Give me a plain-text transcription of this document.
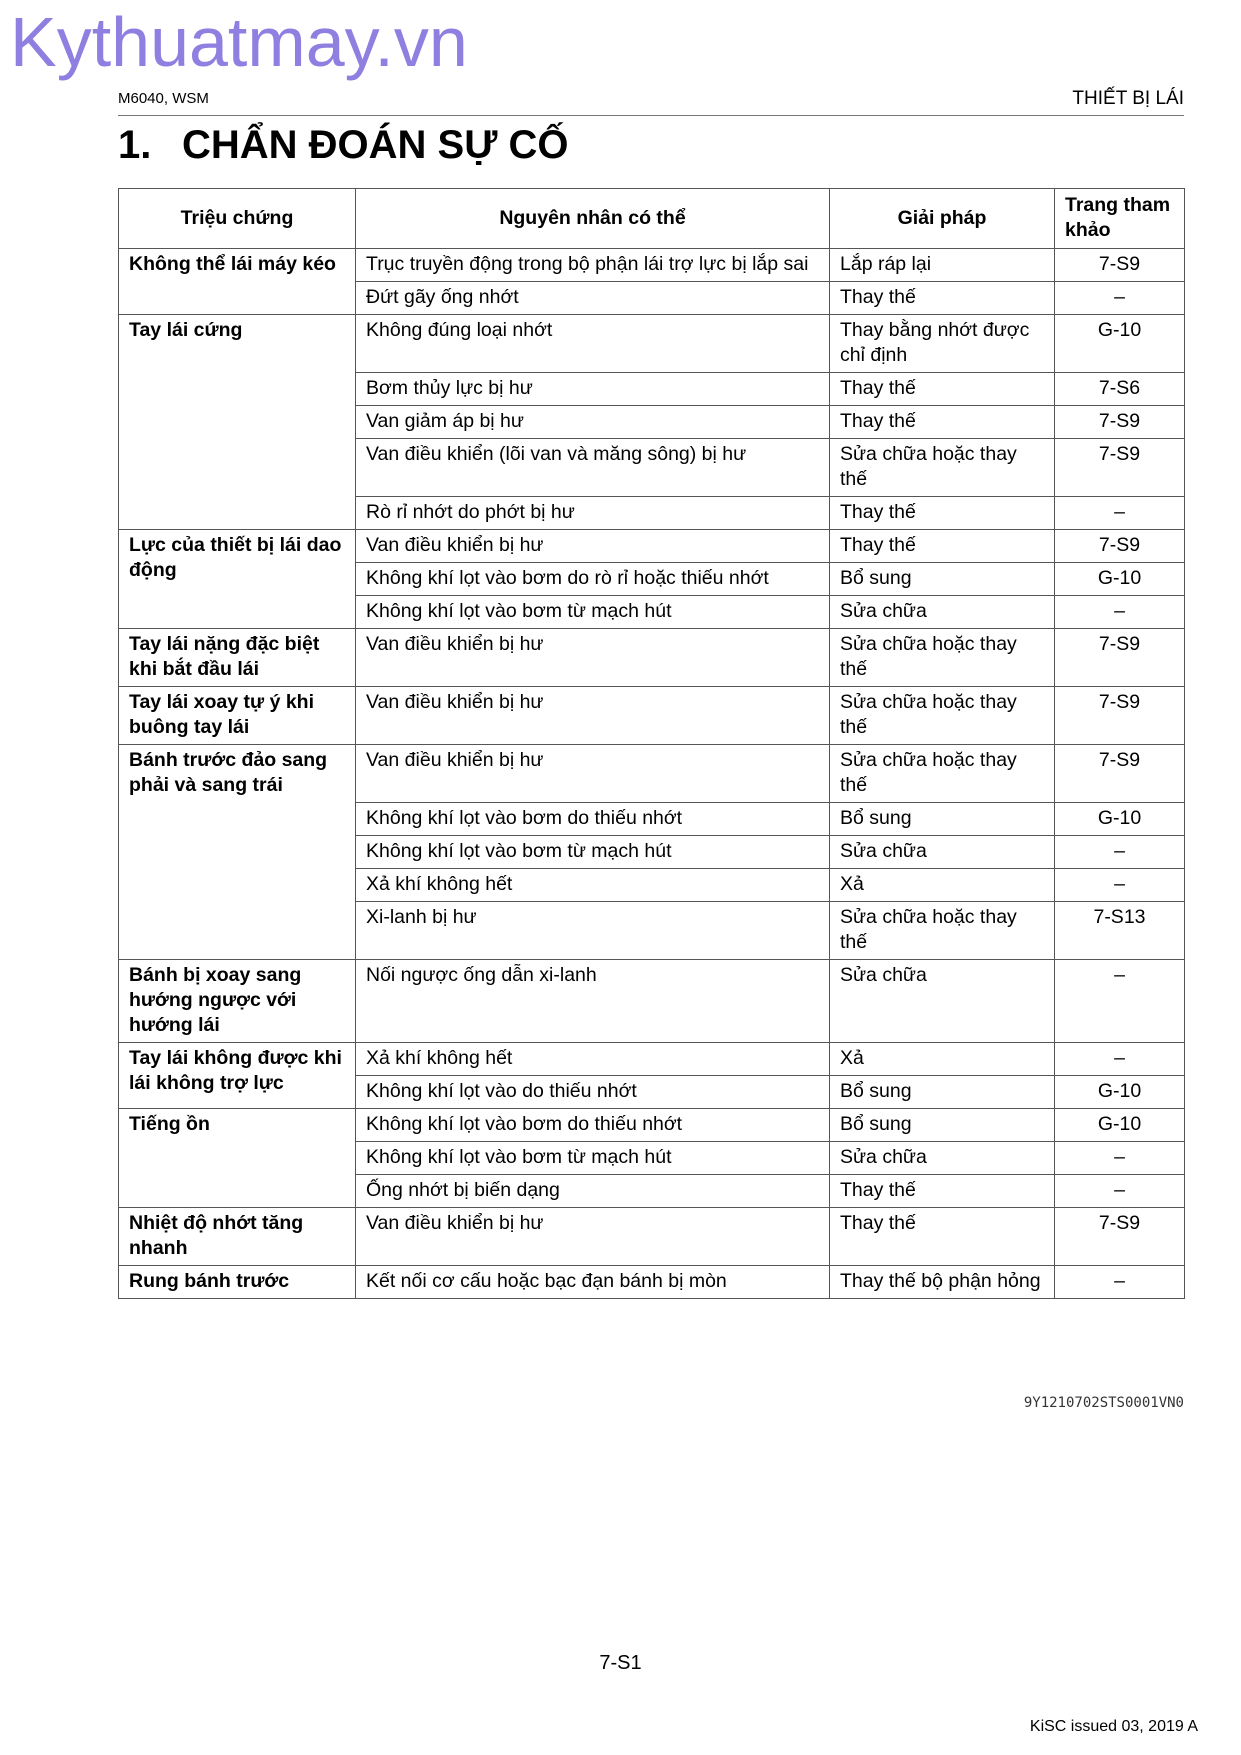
Kythuatmay.vn
M6040, WSM	THIẾT BỊ LÁI
1. CHẨN ĐOÁN SỰ CỐ
Triệu chứng	Nguyên nhân có thể	Giải pháp	Trang tham khảo
Không thể lái máy kéo	Trục truyền động trong bộ phận lái trợ lực bị lắp sai	Lắp ráp lại	7-S9
	Đứt gãy ống nhớt	Thay thế	–
Tay lái cứng	Không đúng loại nhớt	Thay bằng nhớt được chỉ định	G-10
	Bơm thủy lực bị hư	Thay thế	7-S6
	Van giảm áp bị hư	Thay thế	7-S9
	Van điều khiển (lõi van và măng sông) bị hư	Sửa chữa hoặc thay thế	7-S9
	Rò rỉ nhớt do phớt bị hư	Thay thế	–
Lực của thiết bị lái dao động	Van điều khiển bị hư	Thay thế	7-S9
	Không khí lọt vào bơm do rò rỉ hoặc thiếu nhớt	Bổ sung	G-10
	Không khí lọt vào bơm từ mạch hút	Sửa chữa	–
Tay lái nặng đặc biệt khi bắt đầu lái	Van điều khiển bị hư	Sửa chữa hoặc thay thế	7-S9
Tay lái xoay tự ý khi buông tay lái	Van điều khiển bị hư	Sửa chữa hoặc thay thế	7-S9
Bánh trước đảo sang phải và sang trái	Van điều khiển bị hư	Sửa chữa hoặc thay thế	7-S9
	Không khí lọt vào bơm do thiếu nhớt	Bổ sung	G-10
	Không khí lọt vào bơm từ mạch hút	Sửa chữa	–
	Xả khí không hết	Xả	–
	Xi-lanh bị hư	Sửa chữa hoặc thay thế	7-S13
Bánh bị xoay sang hướng ngược với hướng lái	Nối ngược ống dẫn xi-lanh	Sửa chữa	–
Tay lái không được khi lái không trợ lực	Xả khí không hết	Xả	–
	Không khí lọt vào do thiếu nhớt	Bổ sung	G-10
Tiếng ồn	Không khí lọt vào bơm do thiếu nhớt	Bổ sung	G-10
	Không khí lọt vào bơm từ mạch hút	Sửa chữa	–
	Ống nhớt bị biến dạng	Thay thế	–
Nhiệt độ nhớt tăng nhanh	Van điều khiển bị hư	Thay thế	7-S9
Rung bánh trước	Kết nối cơ cấu hoặc bạc đạn bánh bị mòn	Thay thế bộ phận hỏng	–
9Y1210702STS0001VN0
7-S1
KiSC issued 03, 2019 A
